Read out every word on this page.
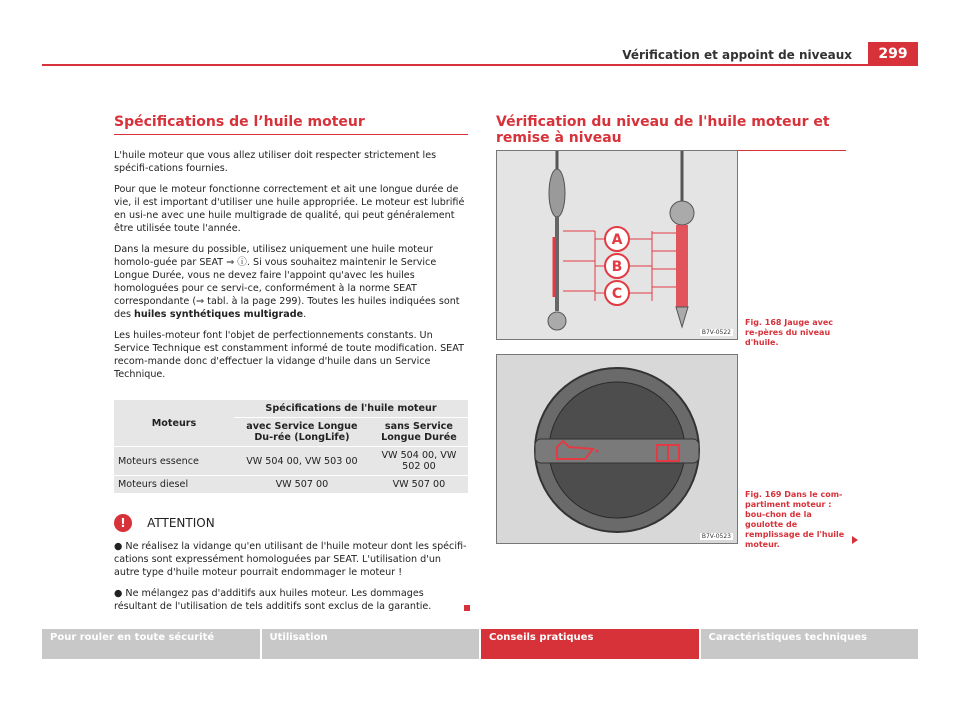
Vérification et appoint de niveaux	299
Spécifications de l’huile moteur

L'huile moteur que vous allez utiliser doit respecter strictement les spécifi-cations fournies.

Pour que le moteur fonctionne correctement et ait une longue durée de vie, il est important d'utiliser une huile appropriée. Le moteur est lubrifié en usi-ne avec une huile multigrade de qualité, qui peut généralement être utilisée toute l'année.

Dans la mesure du possible, utilisez uniquement une huile moteur homolo-guée par SEAT ⇒ ⓘ. Si vous souhaitez maintenir le Service Longue Durée, vous ne devez faire l'appoint qu'avec les huiles homologuées pour ce servi-ce, conformément à la norme SEAT correspondante (⇒ tabl. à la page 299). Toutes les huiles indiquées sont des huiles synthétiques multigrade.

Les huiles-moteur font l'objet de perfectionnements constants. Un Service Technique est constamment informé de toute modification. SEAT recom-mande donc d'effectuer la vidange d'huile dans un Service Technique.

Moteurs	Spécifications de l'huile moteur	
	avec Service Longue Du-rée (LongLife)	sans Service Longue Durée
Moteurs essence	VW 504 00, VW 503 00	VW 504 00, VW 502 00
Moteurs diesel	VW 507 00	VW 507 00
! ATTENTION
● Ne réalisez la vidange qu'en utilisant de l'huile moteur dont les spécifi-cations sont expressément homologuées par SEAT. L'utilisation d'un autre type d'huile moteur pourrait endommager le moteur !
● Ne mélangez pas d'additifs aux huiles moteur. Les dommages résultant de l'utilisation de tels additifs sont exclus de la garantie.
Vérification du niveau de l'huile moteur et remise à niveau
A
B
C
B7V-0522
Fig. 168 Jauge avec re-pères du niveau d'huile.
B7V-0523
Fig. 169 Dans le com-partiment moteur : bou-chon de la goulotte de remplissage de l'huile moteur.
Pour rouler en toute sécurité	Utilisation	Conseils pratiques	Caractéristiques techniques
